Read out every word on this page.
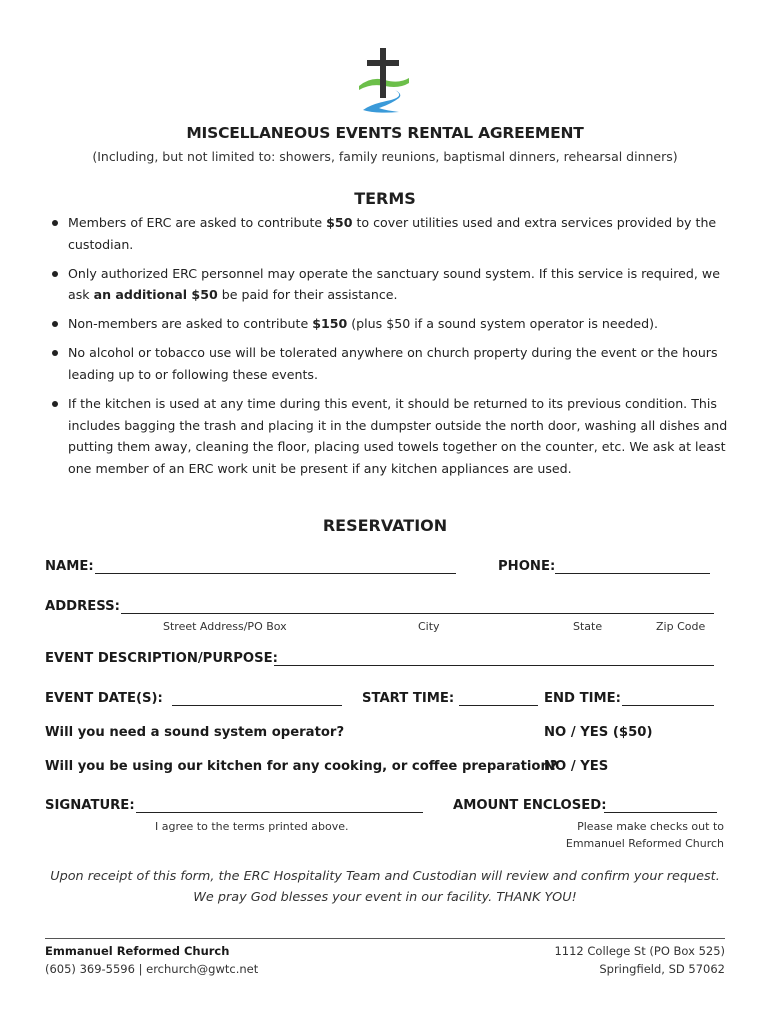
MISCELLANEOUS EVENTS RENTAL AGREEMENT
(Including, but not limited to: showers, family reunions, baptismal dinners, rehearsal dinners)
TERMS
Members of ERC are asked to contribute $50 to cover utilities used and extra services provided by the custodian.
Only authorized ERC personnel may operate the sanctuary sound system. If this service is required, we ask an additional $50 be paid for their assistance.
Non-members are asked to contribute $150 (plus $50 if a sound system operator is needed).
No alcohol or tobacco use will be tolerated anywhere on church property during the event or the hours leading up to or following these events.
If the kitchen is used at any time during this event, it should be returned to its previous condition. This includes bagging the trash and placing it in the dumpster outside the north door, washing all dishes and putting them away, cleaning the floor, placing used towels together on the counter, etc. We ask at least one member of an ERC work unit be present if any kitchen appliances are used.
RESERVATION
NAME:	PHONE:
ADDRESS:
Street Address/PO Box	City	State	Zip Code
EVENT DESCRIPTION/PURPOSE:
EVENT DATE(S):	START TIME:	END TIME:
Will you need a sound system operator?	NO / YES ($50)
Will you be using our kitchen for any cooking, or coffee preparation?
NO / YES
SIGNATURE:
I agree to the terms printed above.
AMOUNT ENCLOSED:
Please make checks out to
Emmanuel Reformed Church
Upon receipt of this form, the ERC Hospitality Team and Custodian will review and confirm your request.
We pray God blesses your event in our facility. THANK YOU!
Emmanuel Reformed Church
(605) 369-5596 | erchurch@gwtc.net
1112 College St (PO Box 525)
Springfield, SD 57062
